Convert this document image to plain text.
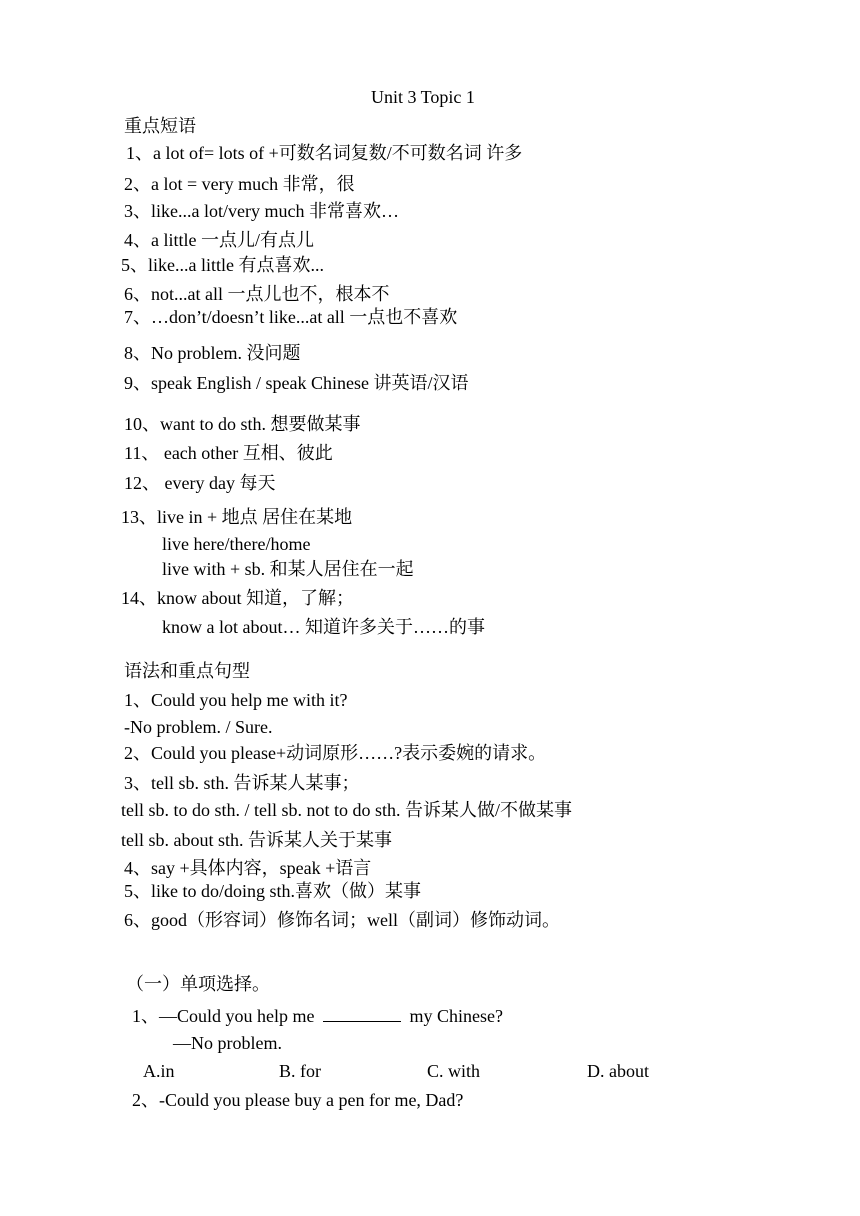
Unit 3 Topic 1
重点短语
1、a lot of= lots of +可数名词复数/不可数名词 许多
2、a lot = very much 非常，很
3、like...a lot/very much 非常喜欢…
4、a little 一点儿/有点儿
5、like...a little 有点喜欢...
6、not...at all 一点儿也不，根本不
7、…don’t/doesn’t like...at all 一点也不喜欢
8、No problem. 没问题
9、speak English / speak Chinese 讲英语/汉语
10、want to do sth. 想要做某事
11、 each other 互相、彼此
12、 every day 每天
13、live in + 地点 居住在某地
live here/there/home
live with + sb. 和某人居住在一起
14、know about 知道，了解；
know a lot about… 知道许多关于……的事
语法和重点句型
1、Could you help me with it?
-No problem. / Sure.
2、Could you please+动词原形……?表示委婉的请求。
3、tell sb. sth. 告诉某人某事；
tell sb. to do sth. / tell sb. not to do sth. 告诉某人做/不做某事
tell sb. about sth. 告诉某人关于某事
4、say +具体内容，speak +语言
5、like to do/doing sth.喜欢（做）某事
6、good（形容词）修饰名词；well（副词）修饰动词。
（一）单项选择。
1、—Could you help me	my Chinese?
—No problem.
A.in	B. for	C. with	D. about
2、-Could you please buy a pen for me, Dad?
